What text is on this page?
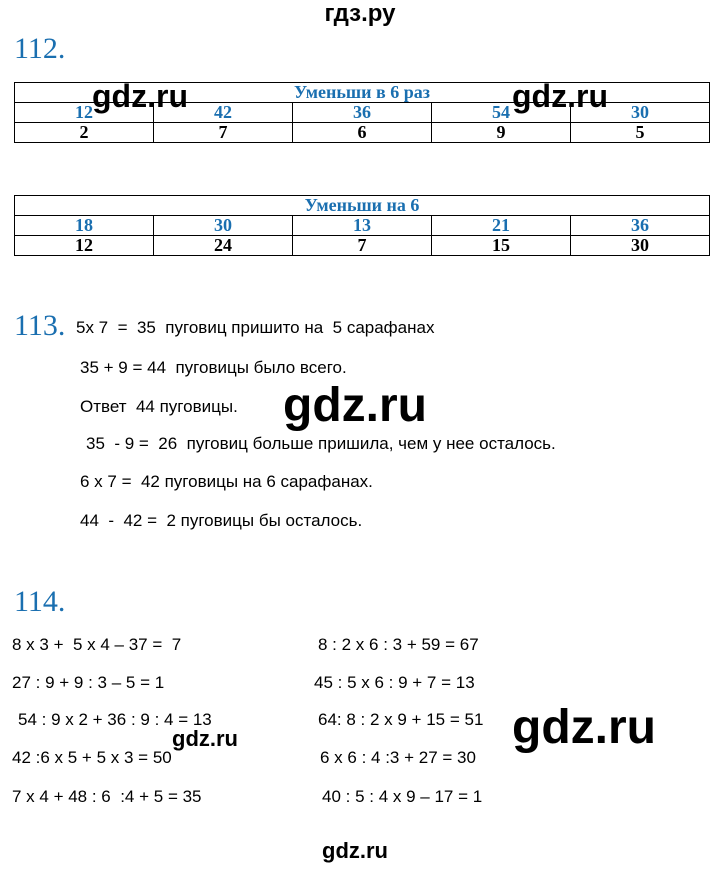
гдз.ру
112.
Уменьши в 6 раз				
12	42	36	54	30
2	7	6	9	5
Уменьши на 6				
18	30	13	21	36
12	24	7	15	30
113. 5х 7  =  35  пуговиц пришито на  5 сарафанах
35 + 9 = 44  пуговицы было всего.
Ответ  44 пуговицы.
35  - 9 =  26  пуговиц больше пришила, чем у нее осталось.
6 х 7 =  42 пуговицы на 6 сарафанах.
44  -  42 =  2 пуговицы бы осталось.
114.
8 х 3 +  5 х 4 – 37 =  7
27 : 9 + 9 : 3 – 5 = 1
54 : 9 х 2 + 36 : 9 : 4 = 13
42 :6 х 5 + 5 х 3 = 50
7 х 4 + 48 : 6  :4 + 5 = 35
8 : 2 х 6 : 3 + 59 = 67
45 : 5 х 6 : 9 + 7 = 13
64: 8 : 2 х 9 + 15 = 51
6 х 6 : 4 :3 + 27 = 30
40 : 5 : 4 х 9 – 17 = 1
gdz.ru	gdz.ru
gdz.ru
gdz.ru
gdz.ru
gdz.ru
